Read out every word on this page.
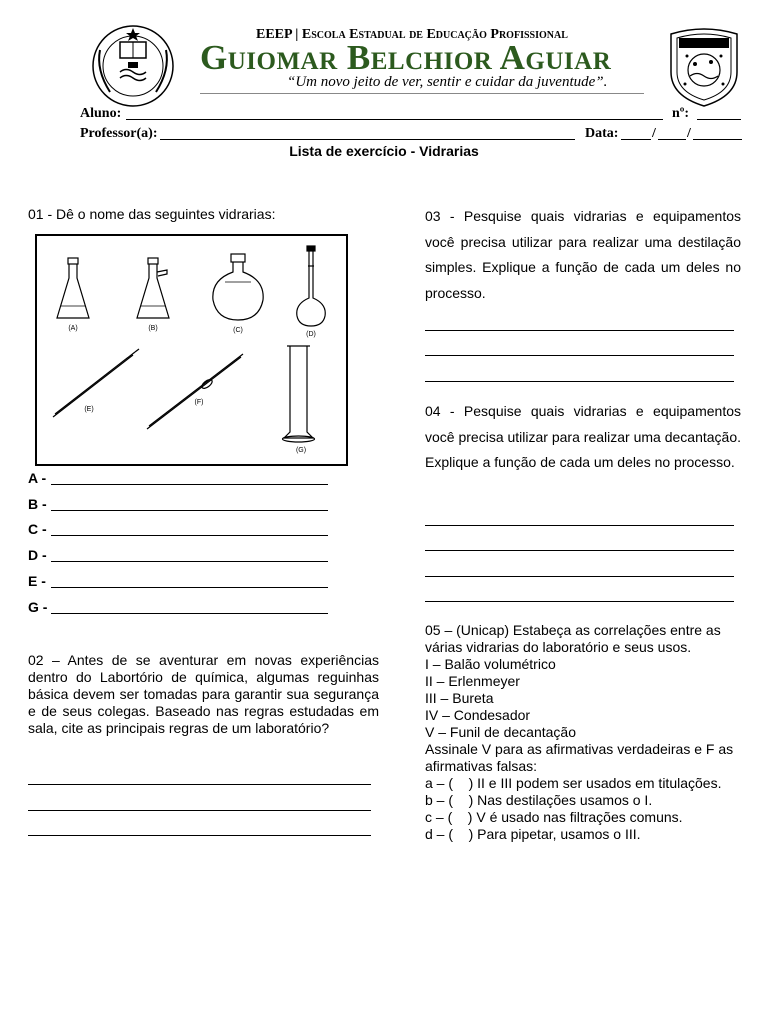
EEEP | Escola Estadual de Educação Profissional
Guiomar Belchior Aguiar
“Um novo jeito de ver, sentir e cuidar da juventude”.
Aluno:	nº:
Professor(a):	Data: / /
Lista de exercício - Vidrarias
01 - Dê o nome das seguintes vidrarias:
(A)	(B)	(C)
(D)
(E)
(F)
(G)
A -
B -
C -
D -
E -
G -
02 – Antes de se aventurar em novas experiências dentro do Labortório de química, algumas reguinhas básica devem ser tomadas para garantir sua segurança e de seus colegas. Baseado nas regras estudadas em sala, cite as principais regras de um laboratório?
03 - Pesquise quais vidrarias e equipamentos você precisa utilizar para realizar uma destilação simples. Explique a função de cada um deles no processo.
04 - Pesquise quais vidrarias e equipamentos você precisa utilizar para realizar uma decantação. Explique a função de cada um deles no processo.
05 – (Unicap) Estabeça as correlações entre as várias vidrarias do laboratório e seus usos.
I – Balão volumétrico
II – Erlenmeyer
III – Bureta
IV – Condesador
V – Funil de decantação
Assinale V para as afirmativas verdadeiras e F as afirmativas falsas:
a – (    ) II e III podem ser usados em titulações.
b – (    ) Nas destilações usamos o I.
c – (    ) V é usado nas filtrações comuns.
d – (    ) Para pipetar, usamos o III.
